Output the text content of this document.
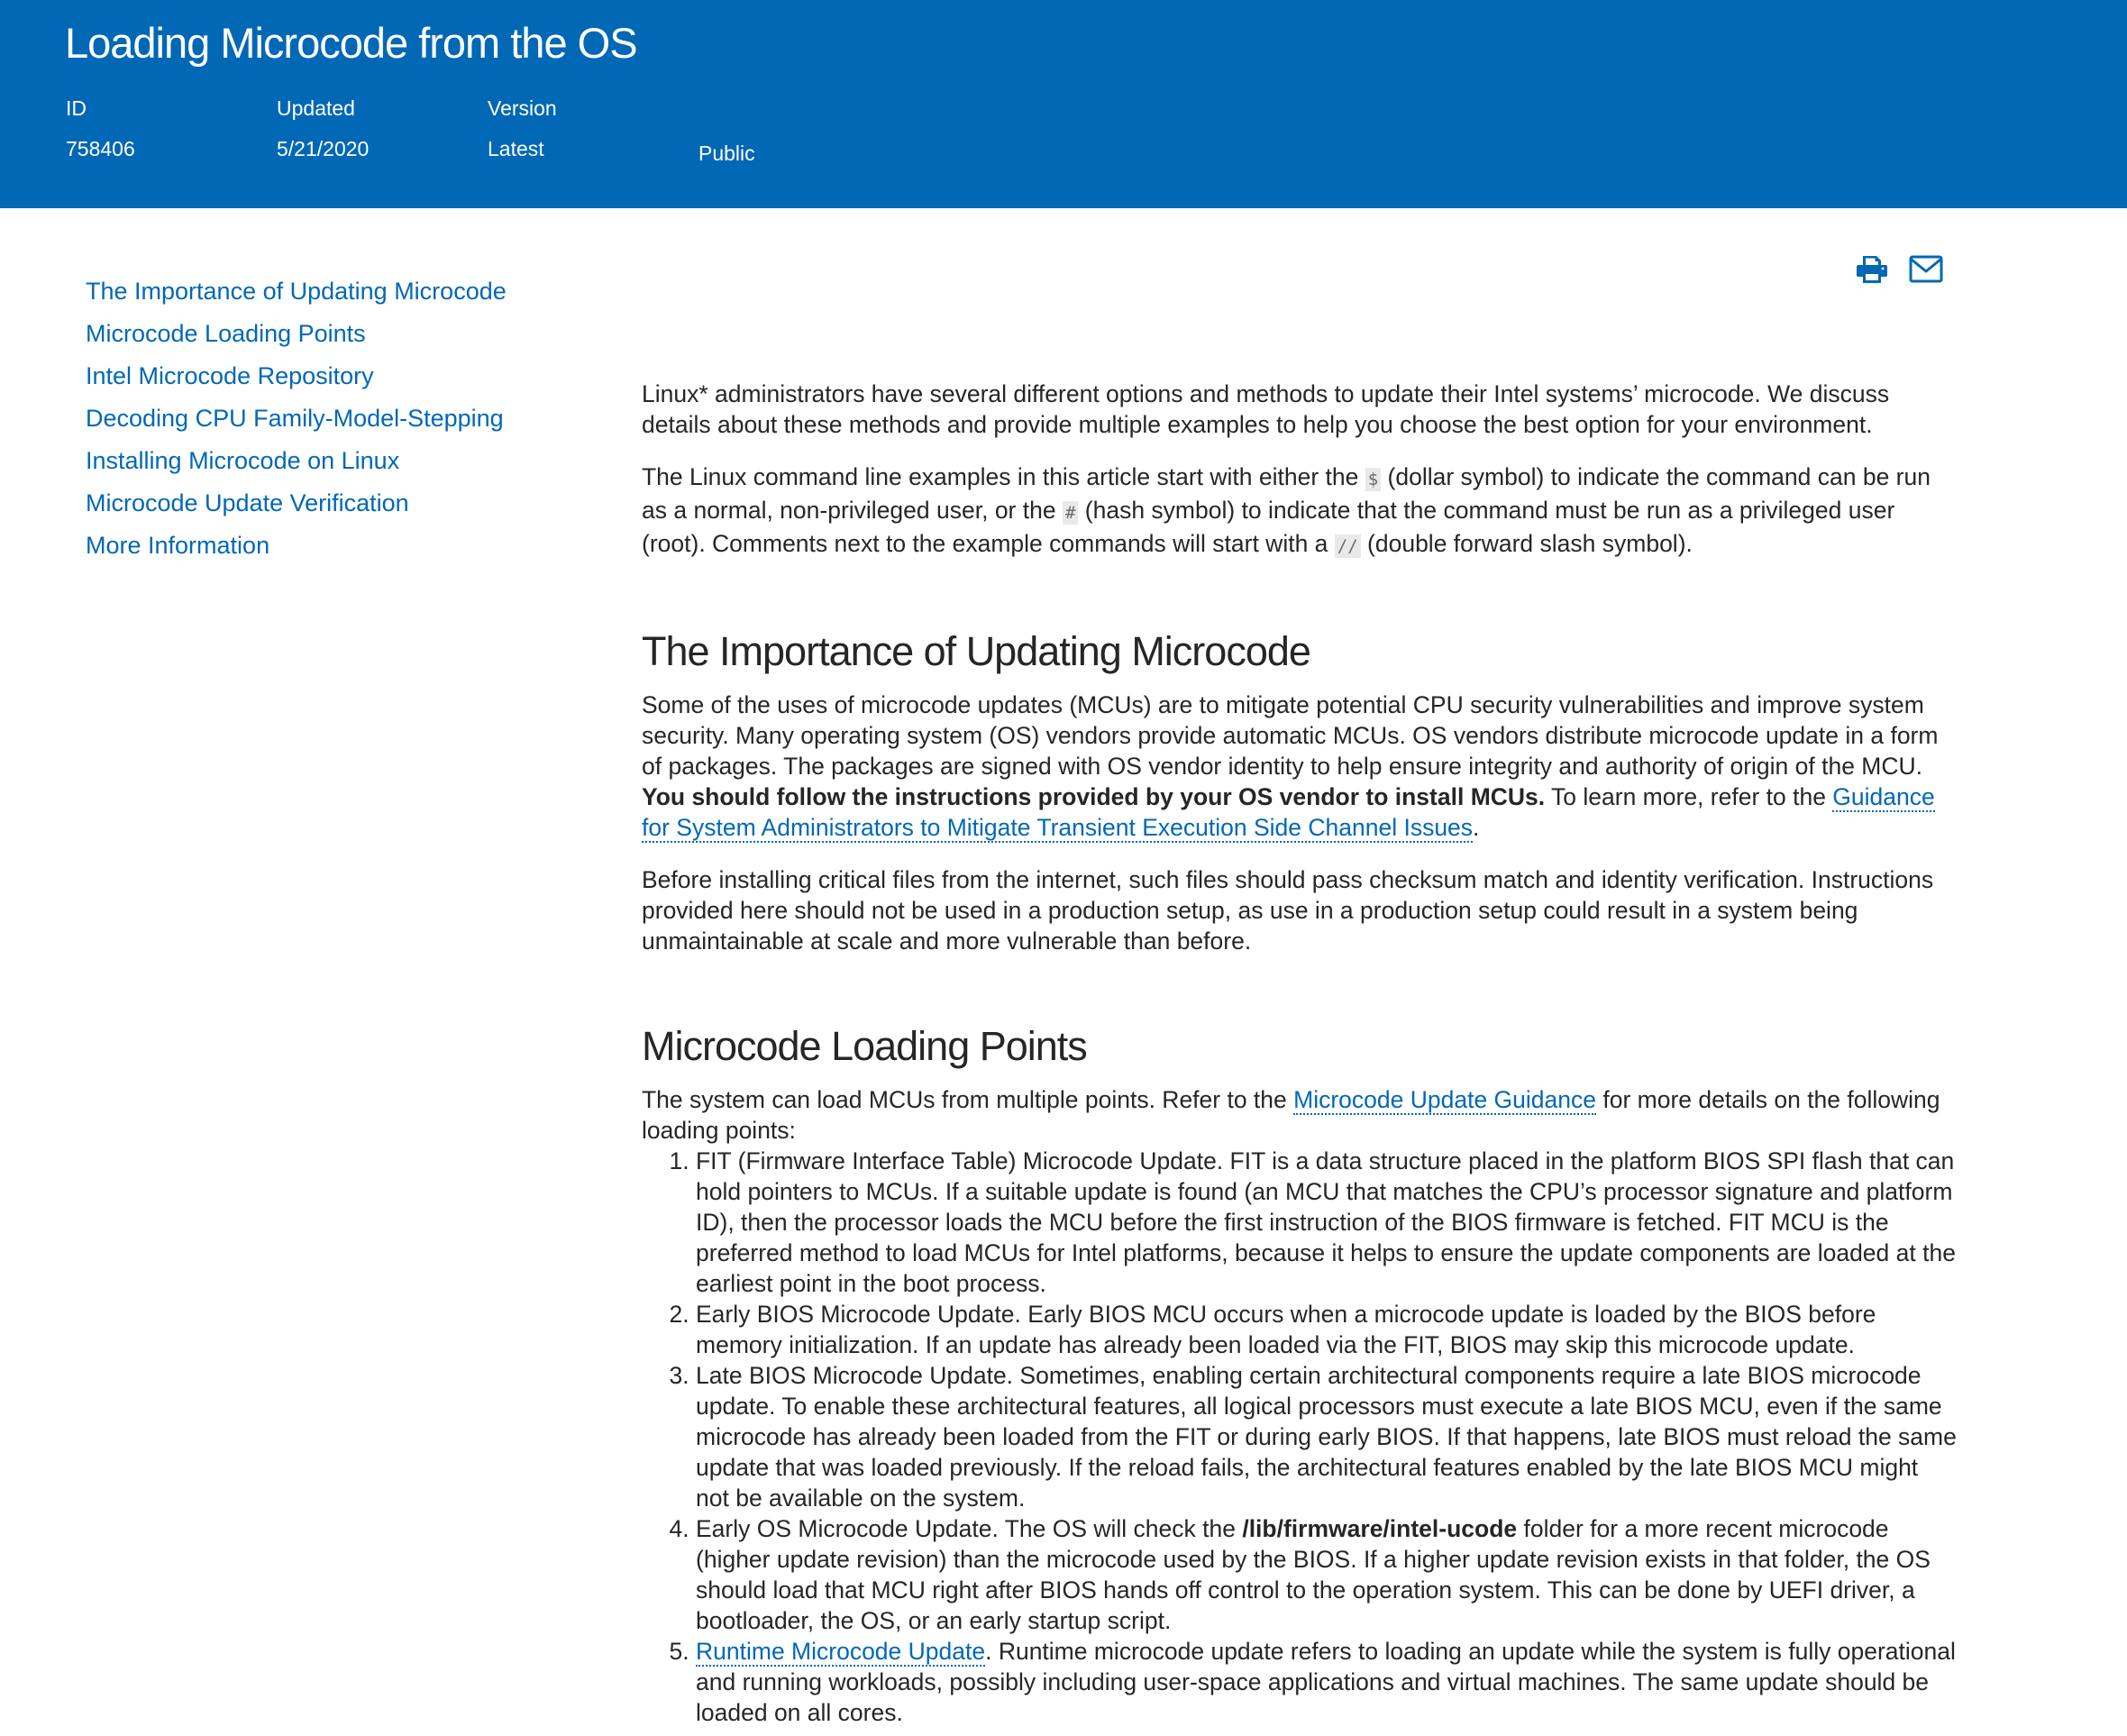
Loading Microcode from the OS
ID
758406
Updated
5/21/2020
Version
Latest	Public
The Importance of Updating Microcode
Microcode Loading Points
Intel Microcode Repository
Decoding CPU Family-Model-Stepping
Installing Microcode on Linux
Microcode Update Verification
More Information

Linux* administrators have several different options and methods to update their Intel systems’ microcode. We discuss details about these methods and provide multiple examples to help you choose the best option for your environment.

The Linux command line examples in this article start with either the $ (dollar symbol) to indicate the command can be run as a normal, non-privileged user, or the # (hash symbol) to indicate that the command must be run as a privileged user (root). Comments next to the example commands will start with a // (double forward slash symbol).

The Importance of Updating Microcode

Some of the uses of microcode updates (MCUs) are to mitigate potential CPU security vulnerabilities and improve system security. Many operating system (OS) vendors provide automatic MCUs. OS vendors distribute microcode update in a form of packages. The packages are signed with OS vendor identity to help ensure integrity and authority of origin of the MCU. You should follow the instructions provided by your OS vendor to install MCUs. To learn more, refer to the Guidance for System Administrators to Mitigate Transient Execution Side Channel Issues.

Before installing critical files from the internet, such files should pass checksum match and identity verification. Instructions provided here should not be used in a production setup, as use in a production setup could result in a system being unmaintainable at scale and more vulnerable than before.

Microcode Loading Points

The system can load MCUs from multiple points. Refer to the Microcode Update Guidance for more details on the following loading points:

1. FIT (Firmware Interface Table) Microcode Update. FIT is a data structure placed in the platform BIOS SPI flash that can hold pointers to MCUs. If a suitable update is found (an MCU that matches the CPU’s processor signature and platform ID), then the processor loads the MCU before the first instruction of the BIOS firmware is fetched. FIT MCU is the preferred method to load MCUs for Intel platforms, because it helps to ensure the update components are loaded at the earliest point in the boot process.
2. Early BIOS Microcode Update. Early BIOS MCU occurs when a microcode update is loaded by the BIOS before memory initialization. If an update has already been loaded via the FIT, BIOS may skip this microcode update.
3. Late BIOS Microcode Update. Sometimes, enabling certain architectural components require a late BIOS microcode update. To enable these architectural features, all logical processors must execute a late BIOS MCU, even if the same microcode has already been loaded from the FIT or during early BIOS. If that happens, late BIOS must reload the same update that was loaded previously. If the reload fails, the architectural features enabled by the late BIOS MCU might not be available on the system.
4. Early OS Microcode Update. The OS will check the /lib/firmware/intel-ucode folder for a more recent microcode (higher update revision) than the microcode used by the BIOS. If a higher update revision exists in that folder, the OS should load that MCU right after BIOS hands off control to the operation system. This can be done by UEFI driver, a bootloader, the OS, or an early startup script.
5. Runtime Microcode Update. Runtime microcode update refers to loading an update while the system is fully operational and running workloads, possibly including user-space applications and virtual machines. The same update should be loaded on all cores.
